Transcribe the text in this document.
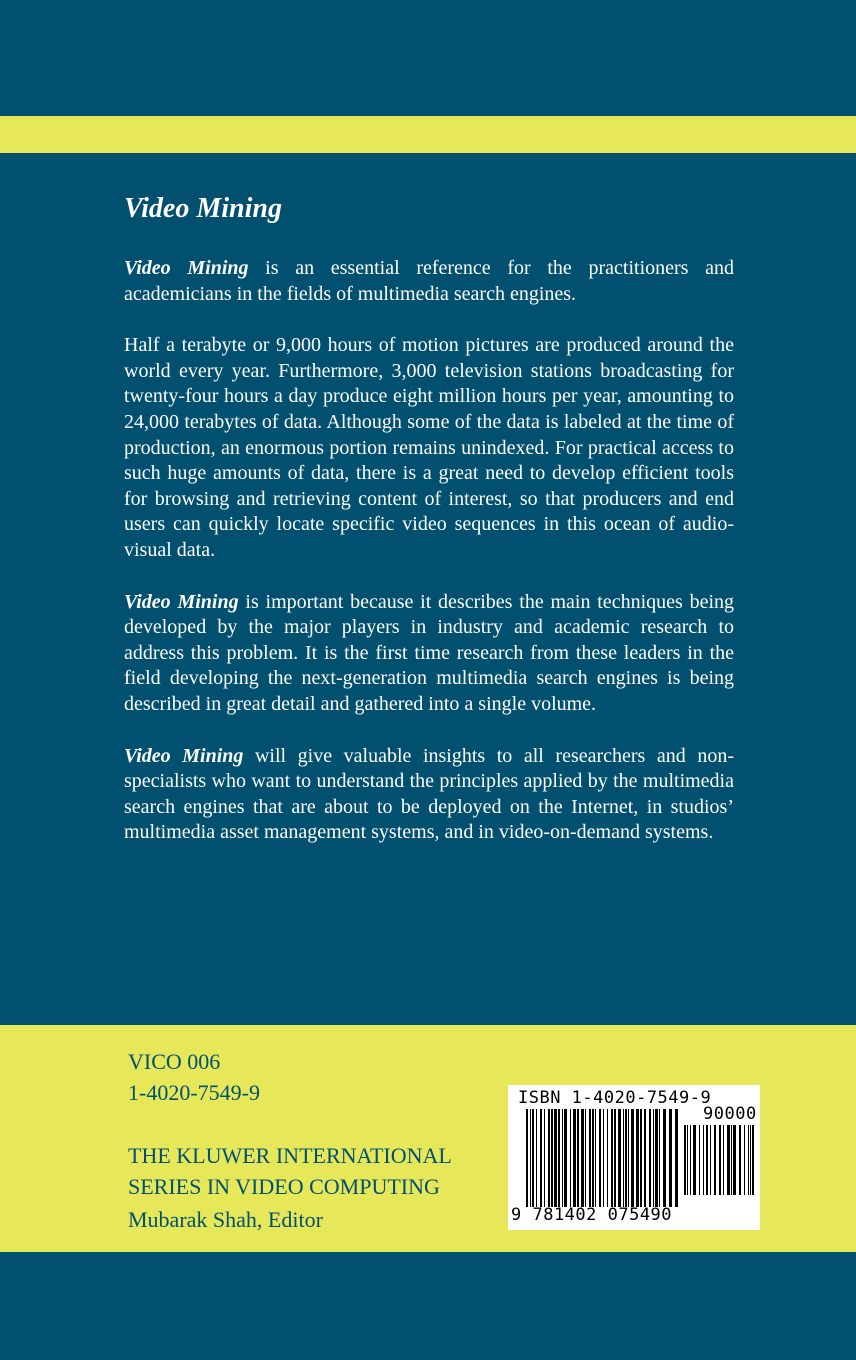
Video Mining

Video Mining is an essential reference for the practitioners and academicians in the fields of multimedia search engines.

Half a terabyte or 9,000 hours of motion pictures are produced around the world every year. Furthermore, 3,000 television stations broadcasting for twenty-four hours a day produce eight million hours per year, amounting to 24,000 terabytes of data. Although some of the data is labeled at the time of production, an enormous portion remains unindexed. For practical access to such huge amounts of data, there is a great need to develop efficient tools for browsing and retrieving content of interest, so that producers and end users can quickly locate specific video sequences in this ocean of audio-visual data.

Video Mining is important because it describes the main techniques being developed by the major players in industry and academic research to address this problem. It is the first time research from these leaders in the field developing the next-generation multimedia search engines is being described in great detail and gathered into a single volume.

Video Mining will give valuable insights to all researchers and non-specialists who want to understand the principles applied by the multimedia search engines that are about to be deployed on the Internet, in studios’ multimedia asset management systems, and in video-on-demand systems.

VICO 006
1-4020-7549-9
THE KLUWER INTERNATIONAL
SERIES IN VIDEO COMPUTING
Mubarak Shah, Editor
ISBN 1-4020-7549-9
90000
9 781402 075490
